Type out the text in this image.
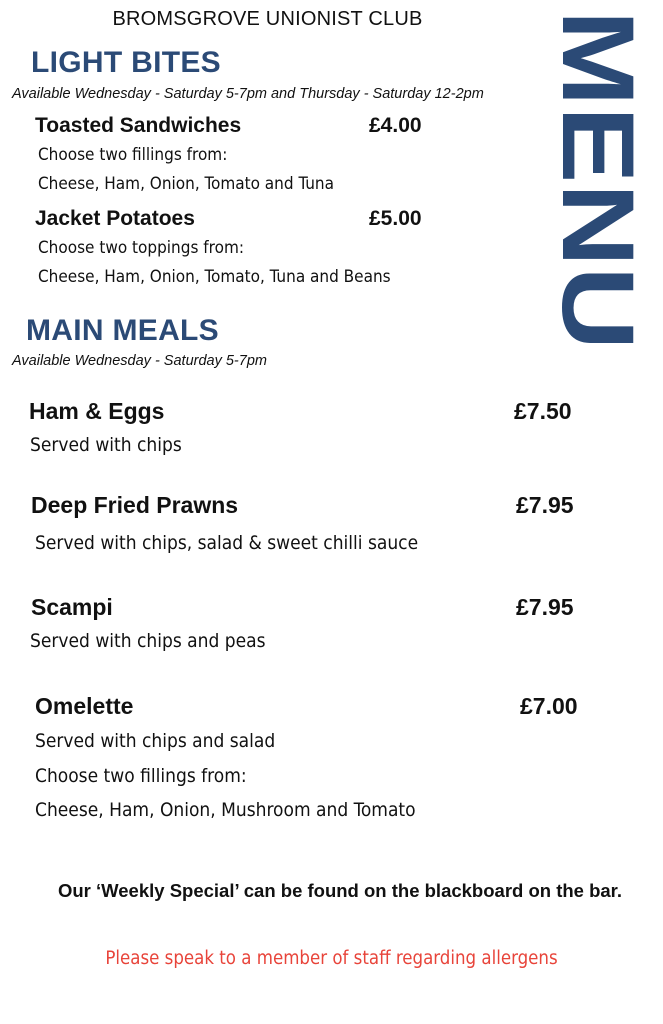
BROMSGROVE UNIONIST CLUB	MENU
LIGHT BITES
Available Wednesday - Saturday 5-7pm and Thursday - Saturday 12-2pm
Toasted Sandwiches	£4.00
Choose two fillings from:
Cheese, Ham, Onion, Tomato and Tuna
Jacket Potatoes	£5.00
Choose two toppings from:
Cheese, Ham, Onion, Tomato, Tuna and Beans
MAIN MEALS
Available Wednesday - Saturday 5-7pm
Ham & Eggs	£7.50
Served with chips
Deep Fried Prawns	£7.95
Served with chips, salad & sweet chilli sauce
Scampi	£7.95
Served with chips and peas
Omelette	£7.00
Served with chips and salad
Choose two fillings from:
Cheese, Ham, Onion, Mushroom and Tomato
Our ‘Weekly Special’ can be found on the blackboard on the bar.
Please speak to a member of staff regarding allergens
